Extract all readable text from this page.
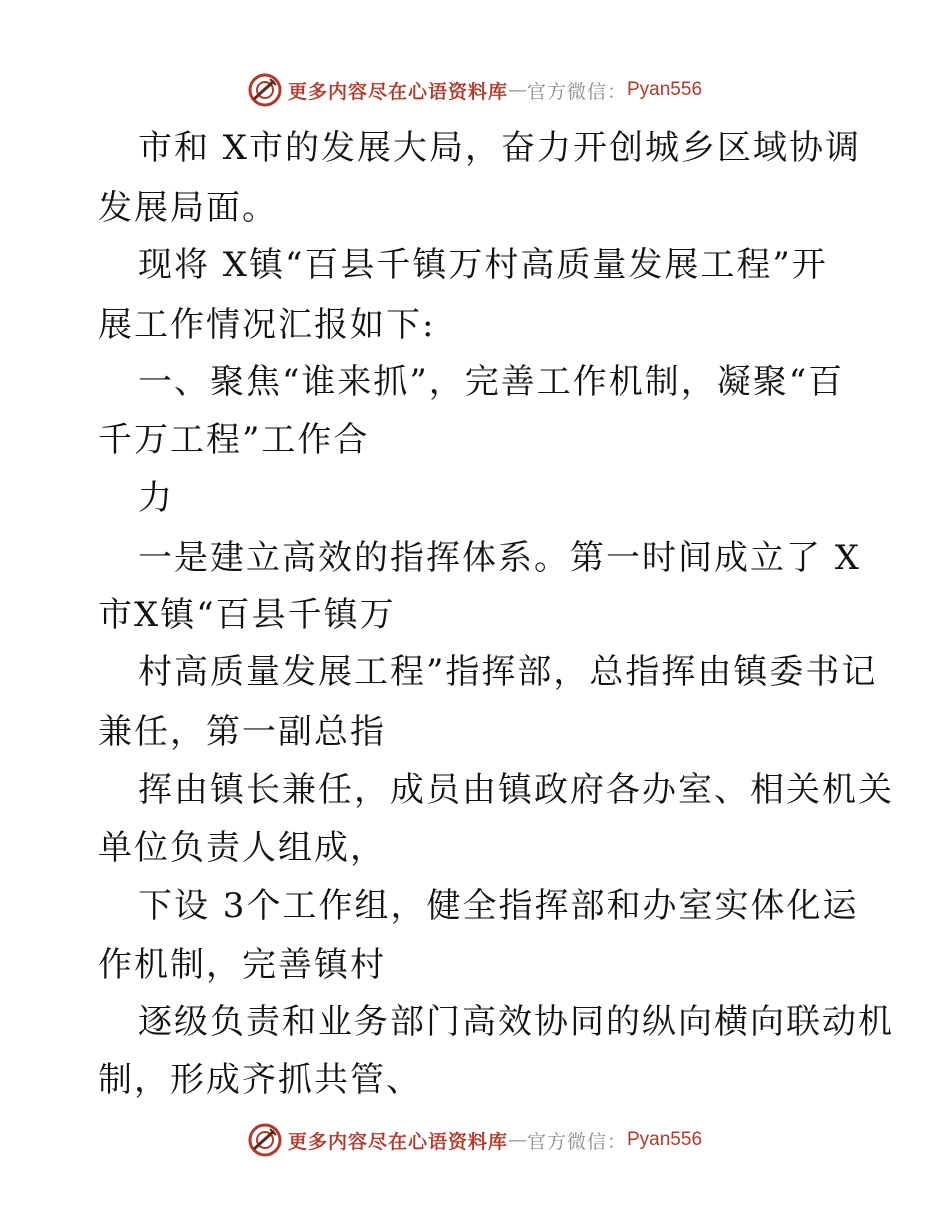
更多内容尽在心语资料库 — 官方微信： Pyan556
市和 X市的发展大局，奋力开创城乡区域协调
发展局面。
现将 X镇“百县千镇万村高质量发展工程”开
展工作情况汇报如下:
一、聚焦“谁来抓”，完善工作机制，凝聚“百
千万工程”工作合
力
一是建立高效的指挥体系。第一时间成立了 X
市X镇“百县千镇万
村高质量发展工程”指挥部，总指挥由镇委书记
兼任，第一副总指
挥由镇长兼任，成员由镇政府各办室、相关机关
单位负责人组成，
下设 3个工作组，健全指挥部和办室实体化运
作机制，完善镇村
逐级负责和业务部门高效协同的纵向横向联动机
制，形成齐抓共管、
更多内容尽在心语资料库 — 官方微信： Pyan556
